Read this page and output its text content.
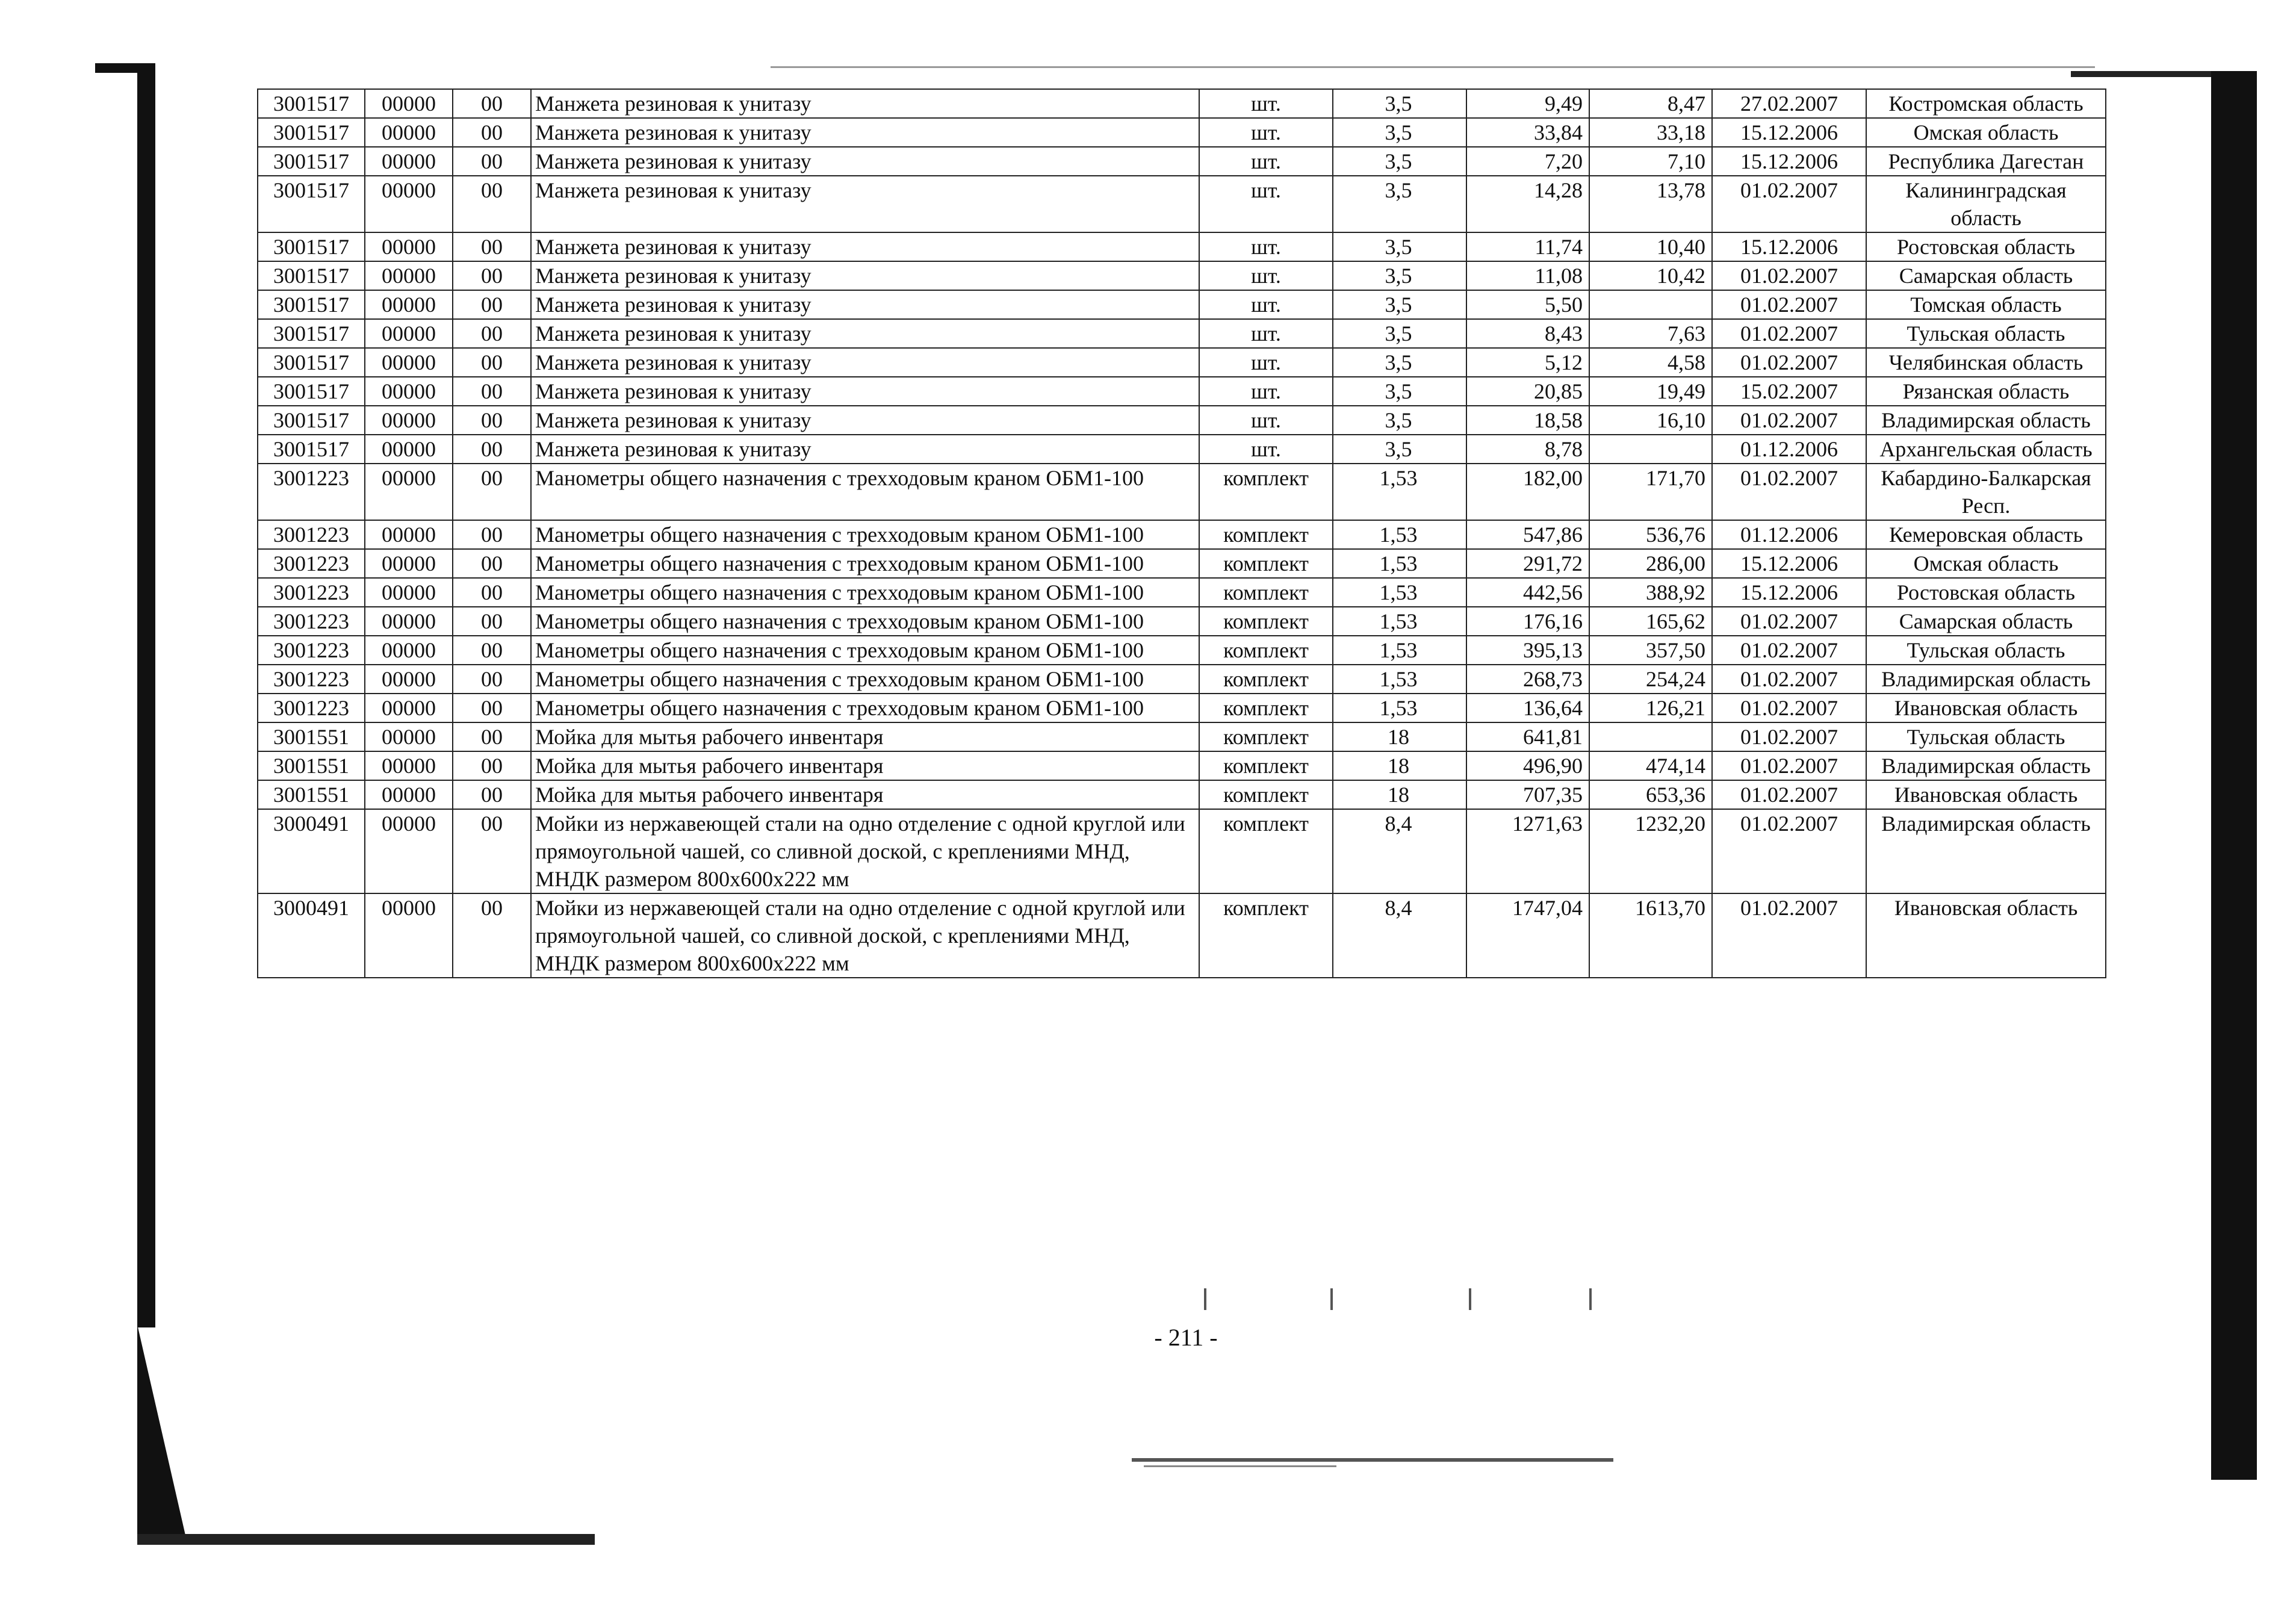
3001517	00000	00	Манжета резиновая к унитазу	шт.	3,5	9,49	8,47	27.02.2007	Костромская область
3001517	00000	00	Манжета резиновая к унитазу	шт.	3,5	33,84	33,18	15.12.2006	Омская область
3001517	00000	00	Манжета резиновая к унитазу	шт.	3,5	7,20	7,10	15.12.2006	Республика Дагестан
3001517	00000	00	Манжета резиновая к унитазу	шт.	3,5	14,28	13,78	01.02.2007	Калининградская область
3001517	00000	00	Манжета резиновая к унитазу	шт.	3,5	11,74	10,40	15.12.2006	Ростовская область
3001517	00000	00	Манжета резиновая к унитазу	шт.	3,5	11,08	10,42	01.02.2007	Самарская область
3001517	00000	00	Манжета резиновая к унитазу	шт.	3,5	5,50		01.02.2007	Томская область
3001517	00000	00	Манжета резиновая к унитазу	шт.	3,5	8,43	7,63	01.02.2007	Тульская область
3001517	00000	00	Манжета резиновая к унитазу	шт.	3,5	5,12	4,58	01.02.2007	Челябинская область
3001517	00000	00	Манжета резиновая к унитазу	шт.	3,5	20,85	19,49	15.02.2007	Рязанская область
3001517	00000	00	Манжета резиновая к унитазу	шт.	3,5	18,58	16,10	01.02.2007	Владимирская область
3001517	00000	00	Манжета резиновая к унитазу	шт.	3,5	8,78		01.12.2006	Архангельская область
3001223	00000	00	Манометры общего назначения с трехходовым краном ОБМ1-100	комплект	1,53	182,00	171,70	01.02.2007	Кабардино-Балкарская Респ.
3001223	00000	00	Манометры общего назначения с трехходовым краном ОБМ1-100	комплект	1,53	547,86	536,76	01.12.2006	Кемеровская область
3001223	00000	00	Манометры общего назначения с трехходовым краном ОБМ1-100	комплект	1,53	291,72	286,00	15.12.2006	Омская область
3001223	00000	00	Манометры общего назначения с трехходовым краном ОБМ1-100	комплект	1,53	442,56	388,92	15.12.2006	Ростовская область
3001223	00000	00	Манометры общего назначения с трехходовым краном ОБМ1-100	комплект	1,53	176,16	165,62	01.02.2007	Самарская область
3001223	00000	00	Манометры общего назначения с трехходовым краном ОБМ1-100	комплект	1,53	395,13	357,50	01.02.2007	Тульская область
3001223	00000	00	Манометры общего назначения с трехходовым краном ОБМ1-100	комплект	1,53	268,73	254,24	01.02.2007	Владимирская область
3001223	00000	00	Манометры общего назначения с трехходовым краном ОБМ1-100	комплект	1,53	136,64	126,21	01.02.2007	Ивановская область
3001551	00000	00	Мойка для мытья рабочего инвентаря	комплект	18	641,81		01.02.2007	Тульская область
3001551	00000	00	Мойка для мытья рабочего инвентаря	комплект	18	496,90	474,14	01.02.2007	Владимирская область
3001551	00000	00	Мойка для мытья рабочего инвентаря	комплект	18	707,35	653,36	01.02.2007	Ивановская область
3000491	00000	00	Мойки из нержавеющей стали на одно отделение с одной круглой или прямоугольной чашей, со сливной доской, с креплениями МНД, МНДК размером 800х600х222 мм	комплект	8,4	1271,63	1232,20	01.02.2007	Владимирская область
3000491	00000	00	Мойки из нержавеющей стали на одно отделение с одной круглой или прямоугольной чашей, со сливной доской, с креплениями МНД, МНДК размером 800х600х222 мм	комплект	8,4	1747,04	1613,70	01.02.2007	Ивановская область
- 211 -
